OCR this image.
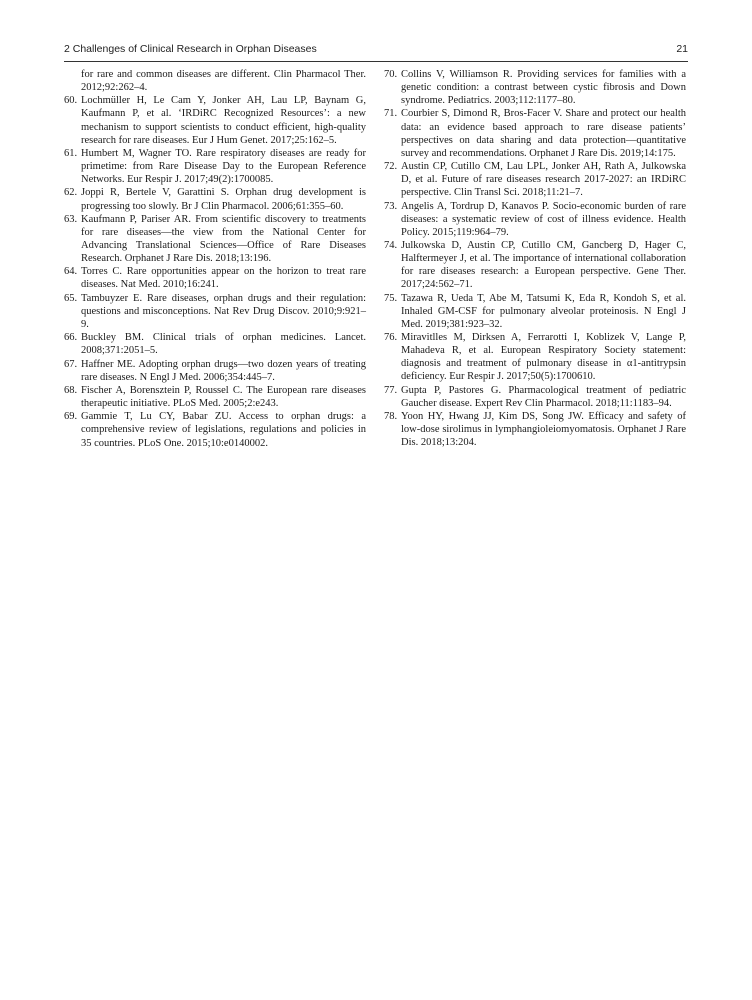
2 Challenges of Clinical Research in Orphan Diseases	21
for rare and common diseases are different. Clin Pharmacol Ther. 2012;92:262–4.
60. Lochmüller H, Le Cam Y, Jonker AH, Lau LP, Baynam G, Kaufmann P, et al. ‘IRDiRC Recognized Resources’: a new mechanism to support scientists to conduct efficient, high-quality research for rare diseases. Eur J Hum Genet. 2017;25:162–5.
61. Humbert M, Wagner TO. Rare respiratory diseases are ready for primetime: from Rare Disease Day to the European Reference Networks. Eur Respir J. 2017;49(2):1700085.
62. Joppi R, Bertele V, Garattini S. Orphan drug development is progressing too slowly. Br J Clin Pharmacol. 2006;61:355–60.
63. Kaufmann P, Pariser AR. From scientific discovery to treatments for rare diseases—the view from the National Center for Advancing Translational Sciences—Office of Rare Diseases Research. Orphanet J Rare Dis. 2018;13:196.
64. Torres C. Rare opportunities appear on the horizon to treat rare diseases. Nat Med. 2010;16:241.
65. Tambuyzer E. Rare diseases, orphan drugs and their regulation: questions and misconceptions. Nat Rev Drug Discov. 2010;9:921–9.
66. Buckley BM. Clinical trials of orphan medicines. Lancet. 2008;371:2051–5.
67. Haffner ME. Adopting orphan drugs—two dozen years of treating rare diseases. N Engl J Med. 2006;354:445–7.
68. Fischer A, Borensztein P, Roussel C. The European rare diseases therapeutic initiative. PLoS Med. 2005;2:e243.
69. Gammie T, Lu CY, Babar ZU. Access to orphan drugs: a comprehensive review of legislations, regulations and policies in 35 countries. PLoS One. 2015;10:e0140002.
70. Collins V, Williamson R. Providing services for families with a genetic condition: a contrast between cystic fibrosis and Down syndrome. Pediatrics. 2003;112:1177–80.
71. Courbier S, Dimond R, Bros-Facer V. Share and protect our health data: an evidence based approach to rare disease patients’ perspectives on data sharing and data protection—quantitative survey and recommendations. Orphanet J Rare Dis. 2019;14:175.
72. Austin CP, Cutillo CM, Lau LPL, Jonker AH, Rath A, Julkowska D, et al. Future of rare diseases research 2017-2027: an IRDiRC perspective. Clin Transl Sci. 2018;11:21–7.
73. Angelis A, Tordrup D, Kanavos P. Socio-economic burden of rare diseases: a systematic review of cost of illness evidence. Health Policy. 2015;119:964–79.
74. Julkowska D, Austin CP, Cutillo CM, Gancberg D, Hager C, Halftermeyer J, et al. The importance of international collaboration for rare diseases research: a European perspective. Gene Ther. 2017;24:562–71.
75. Tazawa R, Ueda T, Abe M, Tatsumi K, Eda R, Kondoh S, et al. Inhaled GM-CSF for pulmonary alveolar proteinosis. N Engl J Med. 2019;381:923–32.
76. Miravitlles M, Dirksen A, Ferrarotti I, Koblizek V, Lange P, Mahadeva R, et al. European Respiratory Society statement: diagnosis and treatment of pulmonary disease in α1-antitrypsin deficiency. Eur Respir J. 2017;50(5):1700610.
77. Gupta P, Pastores G. Pharmacological treatment of pediatric Gaucher disease. Expert Rev Clin Pharmacol. 2018;11:1183–94.
78. Yoon HY, Hwang JJ, Kim DS, Song JW. Efficacy and safety of low-dose sirolimus in lymphangioleiomyomatosis. Orphanet J Rare Dis. 2018;13:204.
